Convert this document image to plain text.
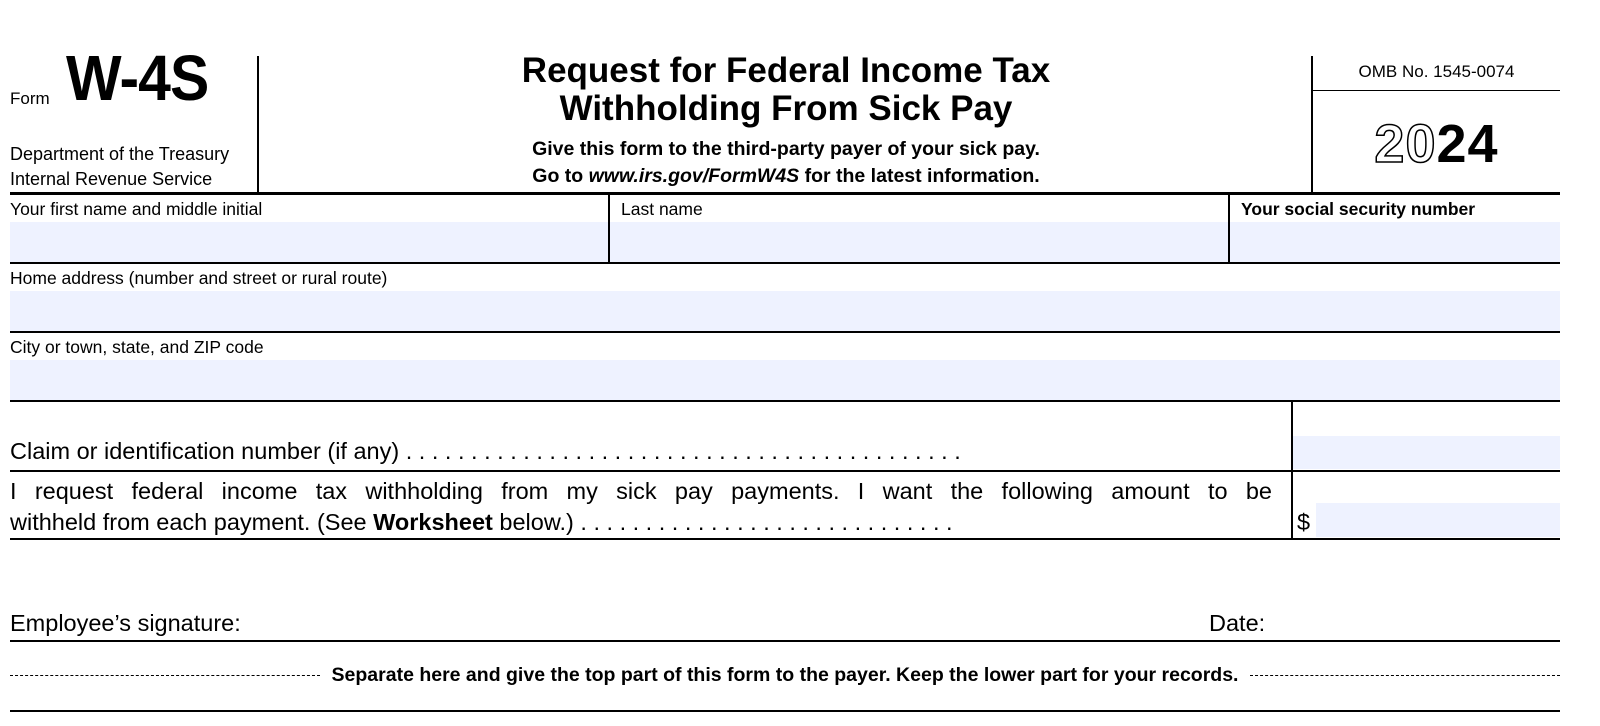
Form W-4S
Department of the Treasury
Internal Revenue Service
Request for Federal Income Tax
Withholding From Sick Pay
Give this form to the third-party payer of your sick pay.
Go to www.irs.gov/FormW4S for the latest information.
OMB No. 1545-0074
2024
Your first name and middle initial	Last name	Your social security number
Home address (number and street or rural route)
City or town, state, and ZIP code
Claim or identification number (if any) . . . . . . . . . . . . . . . . . . . . . . . . . . . . . . . . . . . . . . . . . . .
I request federal income tax withholding from my sick pay payments. I want the following amount to be
withheld from each payment. (See Worksheet below.) . . . . . . . . . . . . . . . . . . . . . . . . . . . . .	$
Employee’s signature:	Date:
Separate here and give the top part of this form to the payer. Keep the lower part for your records.
